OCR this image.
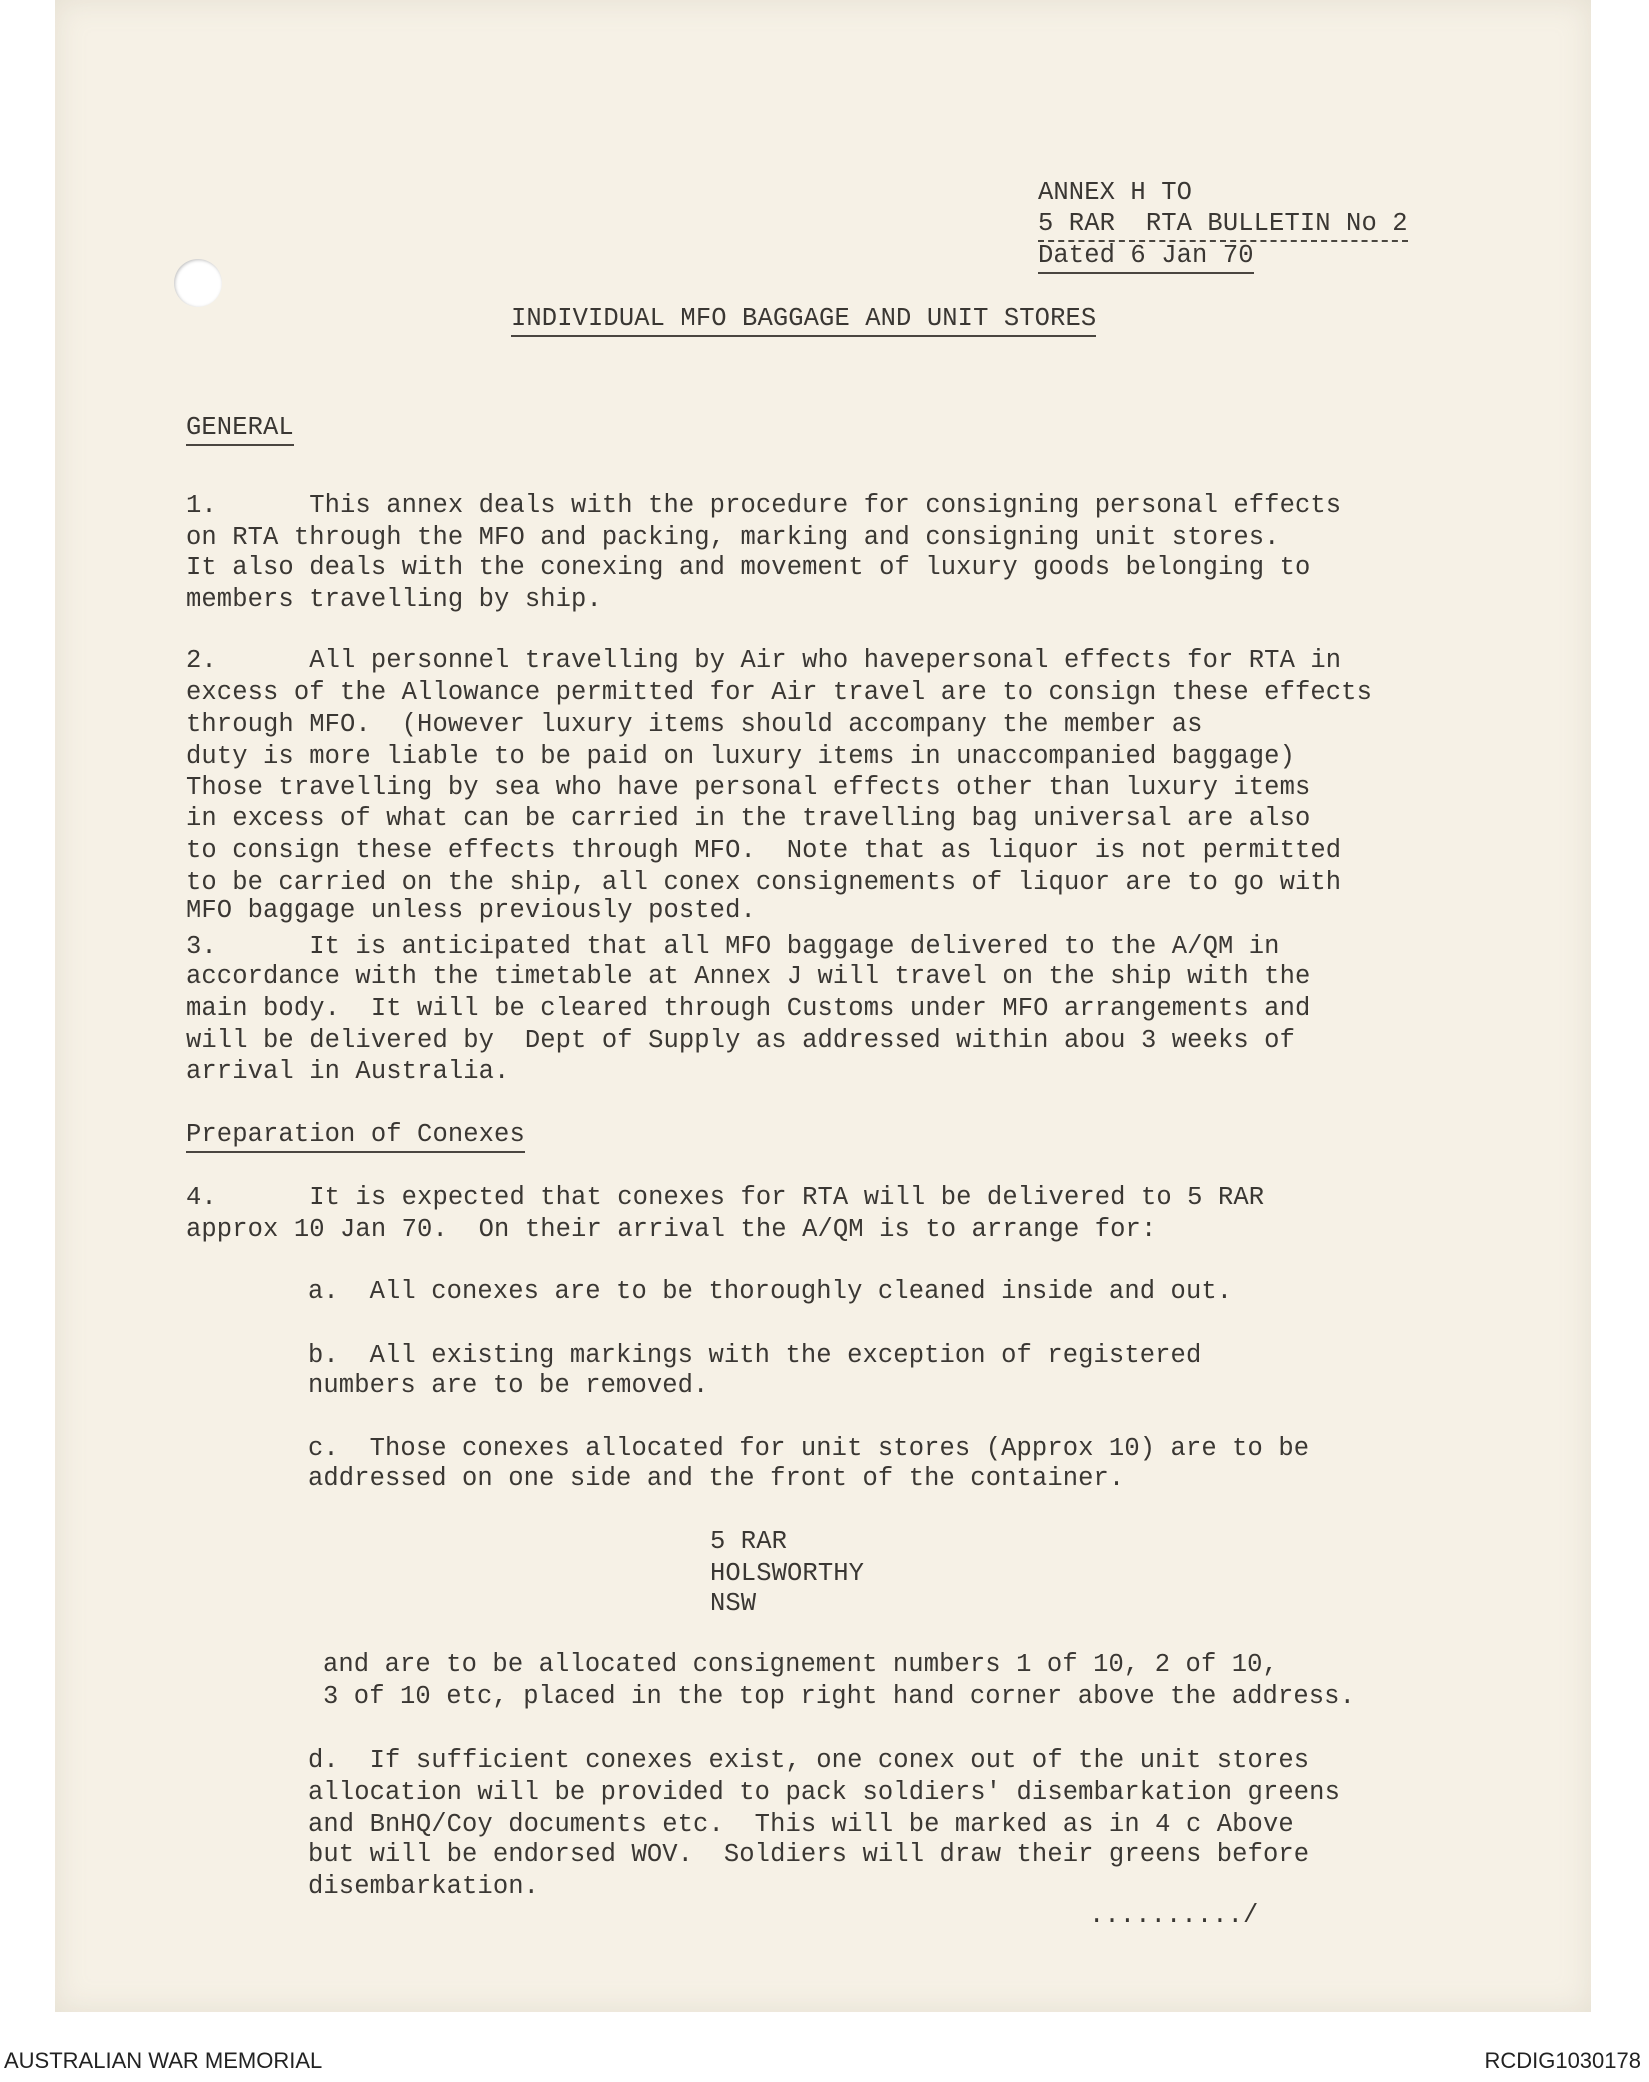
ANNEX H TO
5 RAR  RTA BULLETIN No 2
Dated 6 Jan 70
INDIVIDUAL MFO BAGGAGE AND UNIT STORES
GENERAL
5 RAR
HOLSWORTHY
NSW
Preparation of Conexes
........../
1.      This annex deals with the procedure for consigning personal effects
on RTA through the MFO and packing, marking and consigning unit stores.
It also deals with the conexing and movement of luxury goods belonging to
members travelling by ship.
2.      All personnel travelling by Air who havepersonal effects for RTA in
excess of the Allowance permitted for Air travel are to consign these effects
through MFO.  (However luxury items should accompany the member as
duty is more liable to be paid on luxury items in unaccompanied baggage)
Those travelling by sea who have personal effects other than luxury items
in excess of what can be carried in the travelling bag universal are also
to consign these effects through MFO.  Note that as liquor is not permitted
to be carried on the ship, all conex consignements of liquor are to go with
MFO baggage unless previously posted.
3.      It is anticipated that all MFO baggage delivered to the A/QM in
accordance with the timetable at Annex J will travel on the ship with the
main body.  It will be cleared through Customs under MFO arrangements and
will be delivered by  Dept of Supply as addressed within abou 3 weeks of
arrival in Australia.
4.      It is expected that conexes for RTA will be delivered to 5 RAR
approx 10 Jan 70.  On their arrival the A/QM is to arrange for:
a.  All conexes are to be thoroughly cleaned inside and out.
b.  All existing markings with the exception of registered
numbers are to be removed.
c.  Those conexes allocated for unit stores (Approx 10) are to be
addressed on one side and the front of the container.
and are to be allocated consignement numbers 1 of 10, 2 of 10,
3 of 10 etc, placed in the top right hand corner above the address.
d.  If sufficient conexes exist, one conex out of the unit stores
allocation will be provided to pack soldiers' disembarkation greens
and BnHQ/Coy documents etc.  This will be marked as in 4 c Above
but will be endorsed WOV.  Soldiers will draw their greens before
disembarkation.
AUSTRALIAN WAR MEMORIAL	RCDIG1030178
